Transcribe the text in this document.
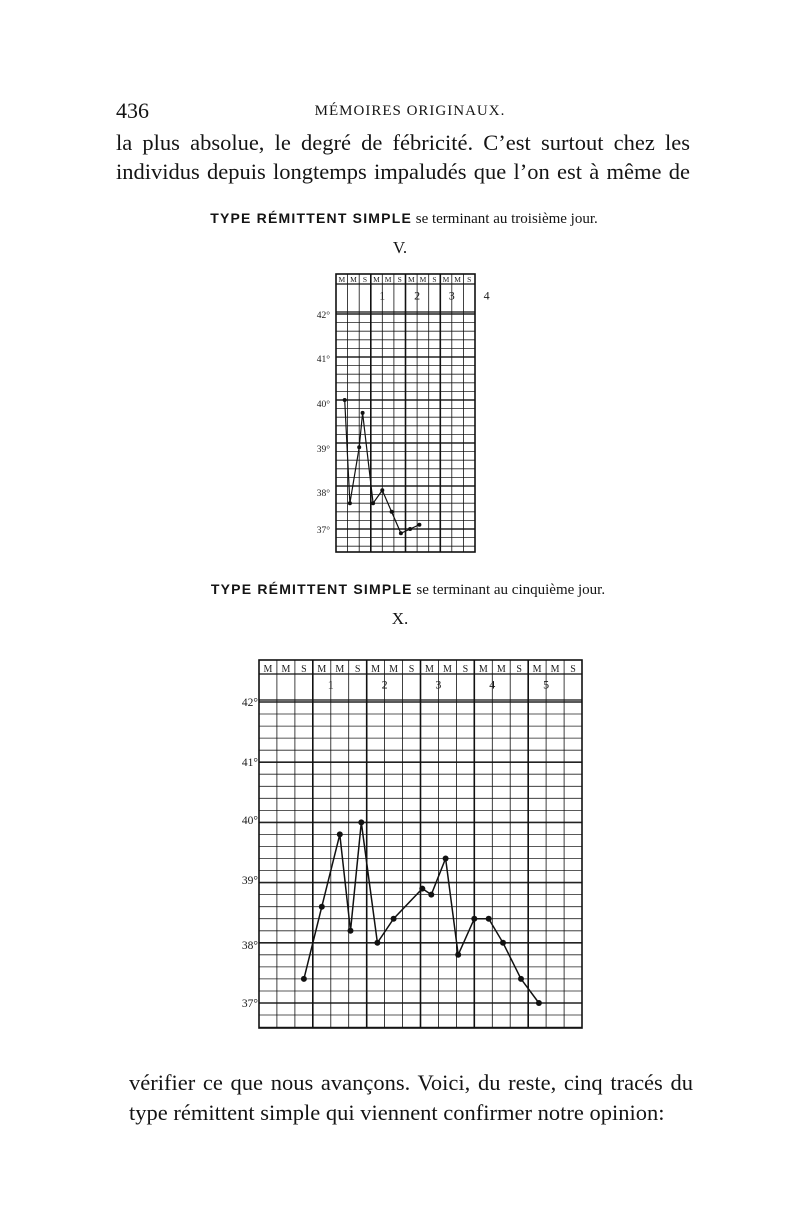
436	MÉMOIRES ORIGINAUX.
la plus absolue, le degré de fébricité. C’est surtout chez les
individus depuis longtemps impaludés que l’on est à même de
TYPE RÉMITTENT SIMPLE se terminant au troisième jour.
V.
TYPE RÉMITTENT SIMPLE se terminant au cinquième jour.
X.
M M S M M S M M S M M S
1 2 3 4
42°
41°
40°
39°
38°
37°
M M S M M S M M S M M S M M S M M S
1	2	3	4	5
42°
41°
40°
39°
38°
37°
vérifier ce que nous avançons. Voici, du reste, cinq tracés du
type rémittent simple qui viennent confirmer notre opinion:
